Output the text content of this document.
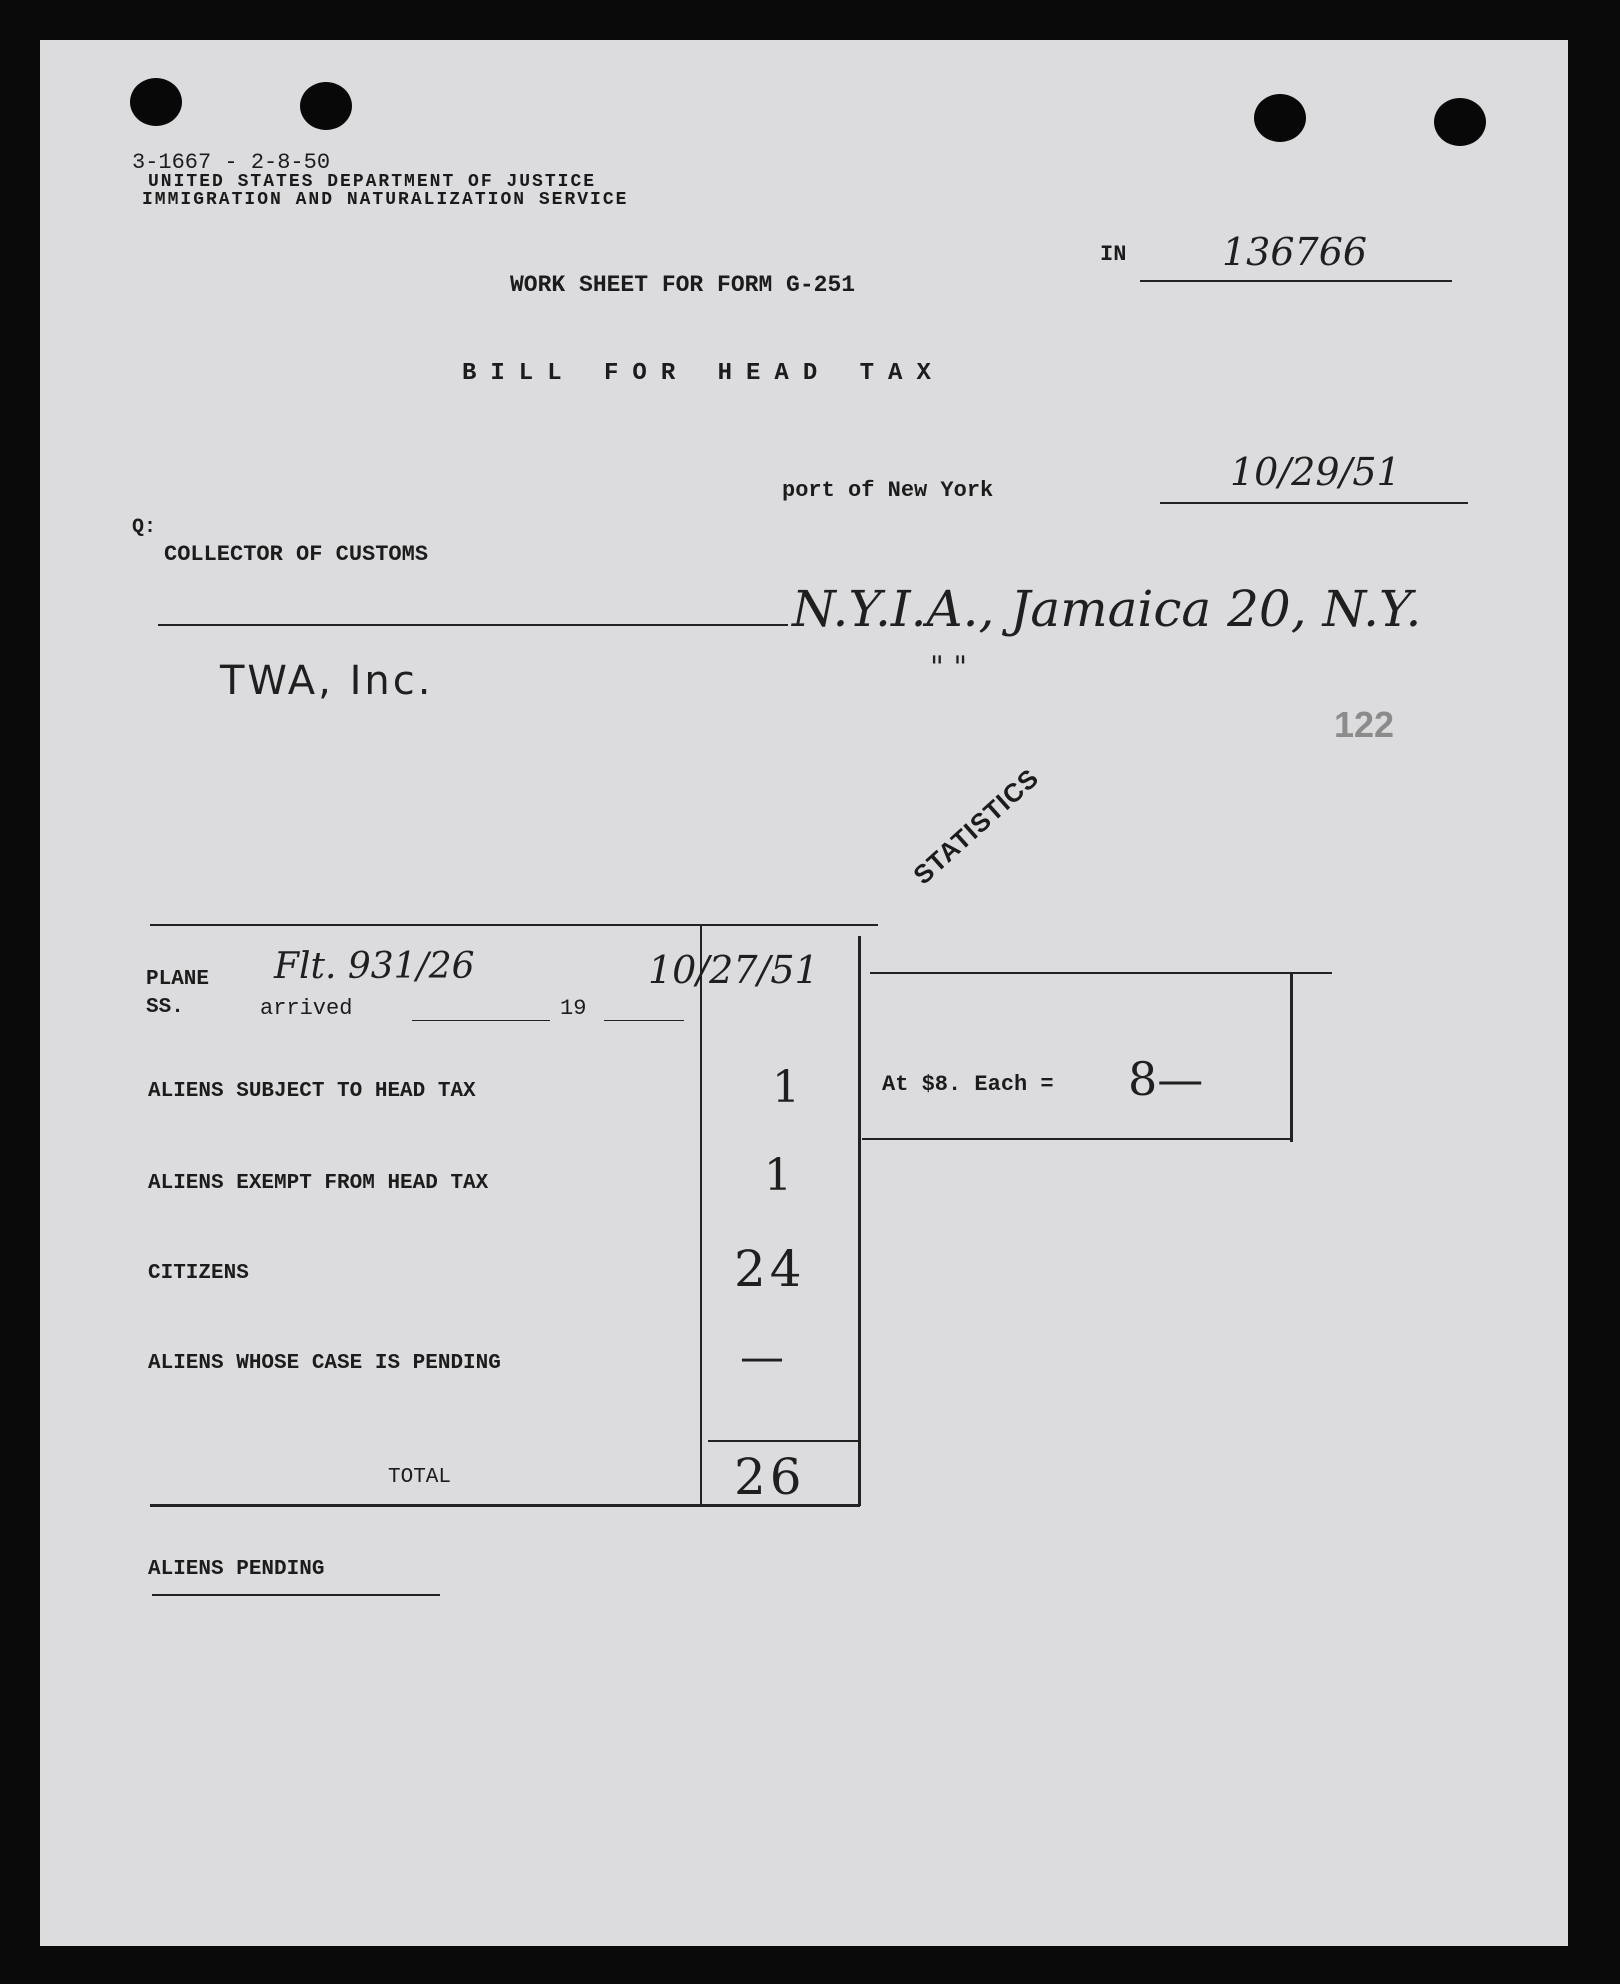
3-1667 - 2-8-50
UNITED STATES DEPARTMENT OF JUSTICE
IMMIGRATION AND NATURALIZATION SERVICE
IN	136766
WORK SHEET FOR FORM G-251
BILL FOR HEAD TAX
port of New York	10/29/51
Q:
COLLECTOR OF CUSTOMS
N.Y.I.A., Jamaica 20, N.Y.
TWA, Inc.	" "
122
STATISTICS
PLANE
SS.	arrived	19
Flt. 931/26	10/27/51
ALIENS SUBJECT TO HEAD TAX	1
ALIENS EXEMPT FROM HEAD TAX	1
CITIZENS	24
ALIENS WHOSE CASE IS PENDING	—
TOTAL	26
At $8. Each = 8—
ALIENS PENDING
